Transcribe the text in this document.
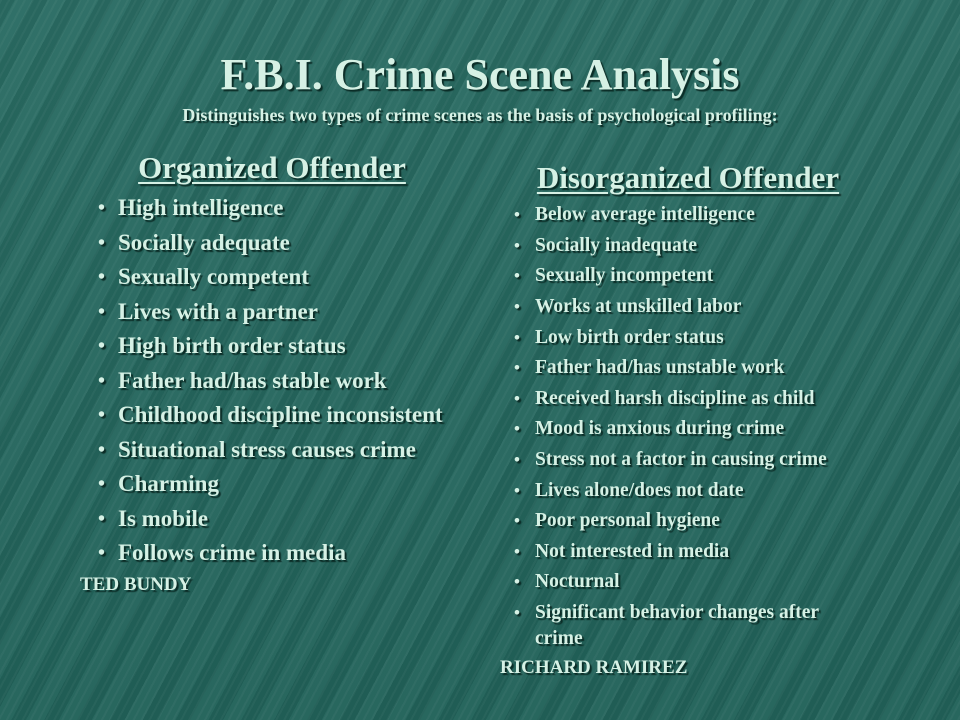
F.B.I. Crime Scene Analysis
Distinguishes two types of crime scenes as the basis of psychological profiling:
Organized Offender
• High intelligence
• Socially adequate
• Sexually competent
• Lives with a partner
• High birth order status
• Father had/has stable work
• Childhood discipline inconsistent
• Situational stress causes crime
• Charming
• Is mobile
• Follows crime in media
TED BUNDY
Disorganized Offender
• Below average intelligence
• Socially inadequate
• Sexually incompetent
• Works at unskilled labor
• Low birth order status
• Father had/has unstable work
• Received harsh discipline as child
• Mood is anxious during crime
• Stress not a factor in causing crime
• Lives alone/does not date
• Poor personal hygiene
• Not interested in media
• Nocturnal
• Significant behavior changes after crime
RICHARD RAMIREZ
